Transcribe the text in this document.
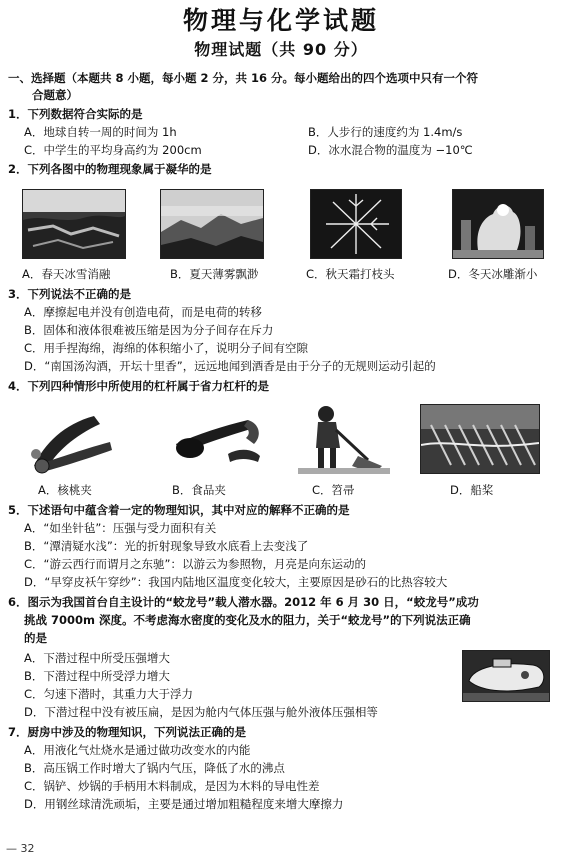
物理与化学试题
物理试题（共 90 分）
一、选择题（本题共 8 小题，每小题 2 分，共 16 分。每小题给出的四个选项中只有一个符
合题意）
1．下列数据符合实际的是
A．地球自转一周的时间为 1h	B．人步行的速度约为 1.4m/s
C．中学生的平均身高约为 200cm	D．冰水混合物的温度为 −10℃
2．下列各图中的物理现象属于凝华的是
A．春天冰雪消融	B．夏天薄雾飘渺	C．秋天霜打枝头	D．冬天冰雕渐小
3．下列说法不正确的是
A．摩擦起电并没有创造电荷，而是电荷的转移
B．固体和液体很难被压缩是因为分子间存在斥力
C．用手捏海绵，海绵的体积缩小了，说明分子间有空隙
D．“南国汤沟酒，开坛十里香”，远远地闻到酒香是由于分子的无规则运动引起的
4．下列四种情形中所使用的杠杆属于省力杠杆的是
A．核桃夹	B．食品夹	C．笤帚	D．船桨
5．下述语句中蕴含着一定的物理知识，其中对应的解释不正确的是
A．“如坐针毡”：压强与受力面积有关
B．“潭清疑水浅”：光的折射现象导致水底看上去变浅了
C．“游云西行而谓月之东驰”：以游云为参照物，月亮是向东运动的
D．“早穿皮袄午穿纱”：我国内陆地区温度变化较大，主要原因是砂石的比热容较大
6．图示为我国首台自主设计的“蛟龙号”载人潜水器。2012 年 6 月 30 日，“蛟龙号”成功
挑战 7000m 深度。不考虑海水密度的变化及水的阻力，关于“蛟龙号”的下列说法正确
的是
A．下潜过程中所受压强增大
B．下潜过程中所受浮力增大
C．匀速下潜时，其重力大于浮力
D．下潜过程中没有被压扁，是因为舱内气体压强与舱外液体压强相等
7．厨房中涉及的物理知识，下列说法正确的是
A．用液化气灶烧水是通过做功改变水的内能
B．高压锅工作时增大了锅内气压，降低了水的沸点
C．锅铲、炒锅的手柄用木料制成，是因为木料的导电性差
D．用钢丝球清洗顽垢，主要是通过增加粗糙程度来增大摩擦力
— 32
